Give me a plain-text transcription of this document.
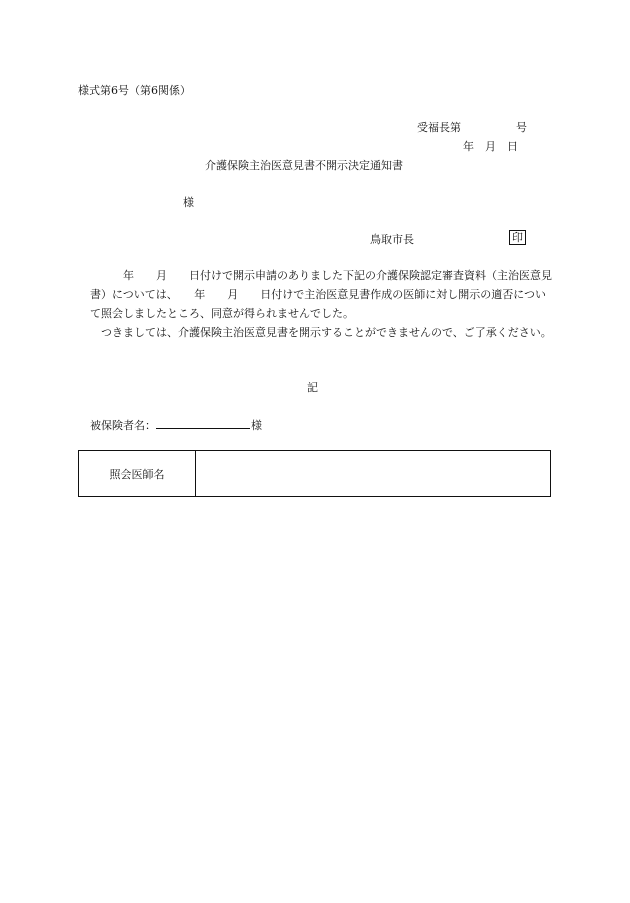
様式第6号（第6関係）
受福長第　　　　　号
年　月　日
介護保険主治医意見書不開示決定通知書
様
鳥取市長	印
　　　年　　月　　日付けで開示申請のありました下記の介護保険認定審査資料（主治医意見書）については、　　年　　月　　日付けで主治医意見書作成の医師に対し開示の適否について照会しましたところ、同意が得られませんでした。
　つきましては、介護保険主治医意見書を開示することができませんので、ご了承ください。
記
被保険者名：	様
照会医師名	
